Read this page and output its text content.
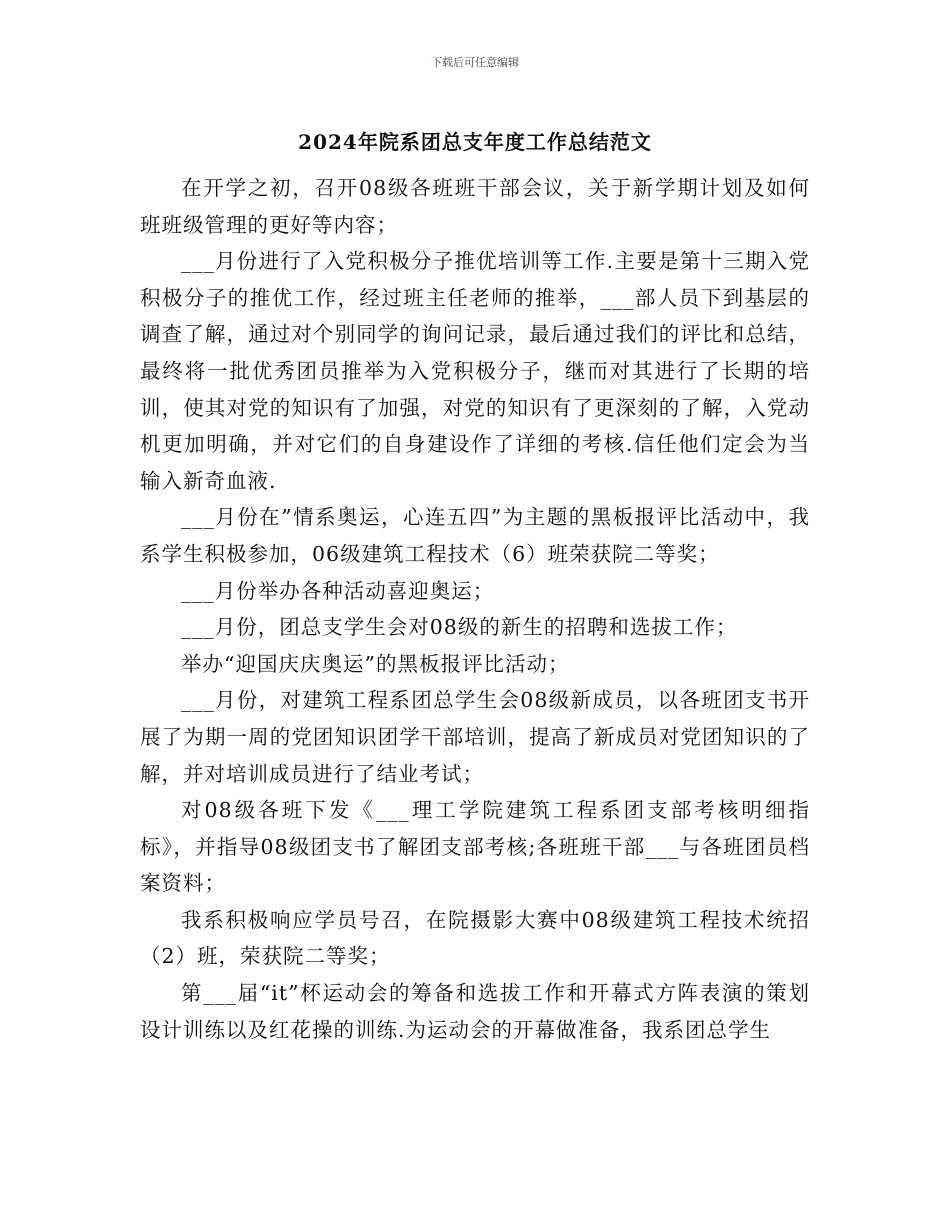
下载后可任意编辑
2024年院系团总支年度工作总结范文

在开学之初，召开08级各班班干部会议，关于新学期计划及如何班班级管理的更好等内容；

___月份进行了入党积极分子推优培训等工作.主要是第十三期入党积极分子的推优工作，经过班主任老师的推举，___部人员下到基层的调查了解，通过对个别同学的询问记录，最后通过我们的评比和总结，最终将一批优秀团员推举为入党积极分子，继而对其进行了长期的培训，使其对党的知识有了加强，对党的知识有了更深刻的了解，入党动机更加明确，并对它们的自身建设作了详细的考核.信任他们定会为当输入新奇血液.

___月份在”情系奥运，心连五四”为主题的黑板报评比活动中，我系学生积极参加，06级建筑工程技术（6）班荣获院二等奖；

___月份举办各种活动喜迎奥运；

___月份，团总支学生会对08级的新生的招聘和选拔工作；

举办“迎国庆庆奥运”的黑板报评比活动；

___月份，对建筑工程系团总学生会08级新成员，以各班团支书开展了为期一周的党团知识团学干部培训，提高了新成员对党团知识的了解，并对培训成员进行了结业考试；

对08级各班下发《___理工学院建筑工程系团支部考核明细指标》，并指导08级团支书了解团支部考核;各班班干部___与各班团员档案资料；

我系积极响应学员号召，在院摄影大赛中08级建筑工程技术统招（2）班，荣获院二等奖；

第___届“it”杯运动会的筹备和选拔工作和开幕式方阵表演的策划设计训练以及红花操的训练.为运动会的开幕做准备，我系团总学生
